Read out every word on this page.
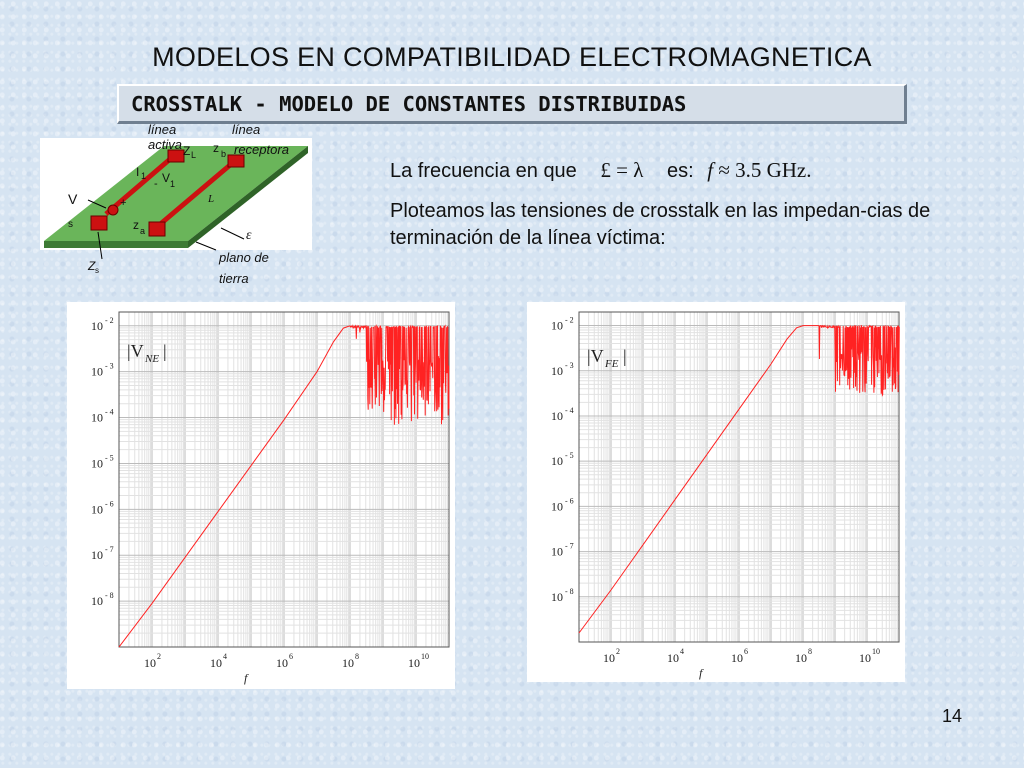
MODELOS EN COMPATIBILIDAD ELECTROMAGNETICA
CROSSTALK - MODELO DE CONSTANTES DISTRIBUIDAS
línea
activa
línea
receptora
Z L z b
I 1 V 1
-
+
V
s	z a
L
ε
Z s
plano de
tierra
La frecuencia en que £ = λ es: f ≈ 3.5 GHz.
Ploteamos las tensiones de crosstalk en las impedan-cias de terminación de la línea víctima:
10 - 2
10 - 3
10 - 4
10 - 5
10 - 6
10 - 7
10 - 8
10 2	10 4	10 6	10 8	10 10
f
|V NE |
10 - 2
10 - 3
10 - 4
10 - 5
10 - 6
10 - 7
10 - 8
10 2	10 4	10 6	10 8	10 10
f
|V FE |
14
